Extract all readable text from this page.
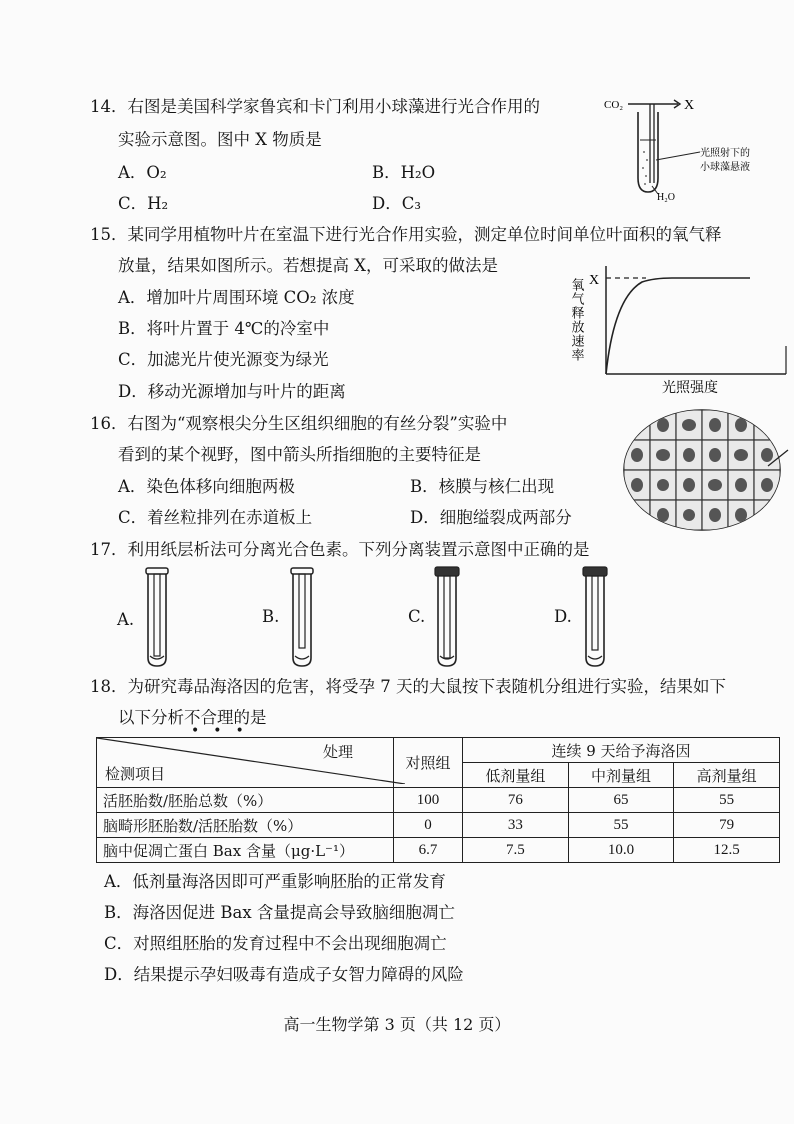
14．右图是美国科学家鲁宾和卡门利用小球藻进行光合作用的
实验示意图。图中 X 物质是
A．O₂	B．H₂O
C．H₂	D．C₃
CO₂	X
光照射下的
小球藻悬液
H₂O
15．某同学用植物叶片在室温下进行光合作用实验，测定单位时间单位叶面积的氧气释
放量，结果如图所示。若想提高 X，可采取的做法是
A．增加叶片周围环境 CO₂ 浓度
B．将叶片置于 4℃的冷室中
C．加滤光片使光源变为绿光
D．移动光源增加与叶片的距离
氧气释放速率 X
光照强度
16．右图为“观察根尖分生区组织细胞的有丝分裂”实验中
看到的某个视野，图中箭头所指细胞的主要特征是
A．染色体移向细胞两极	B．核膜与核仁出现
C．着丝粒排列在赤道板上	D．细胞缢裂成两部分
17．利用纸层析法可分离光合色素。下列分离装置示意图中正确的是
A.	B.	C.	D.
18．为研究毒品海洛因的危害，将受孕 7 天的大鼠按下表随机分组进行实验，结果如下
以下分析不合理的是
•••
处理
检测项目	对照组	连续 9 天给予海洛因		
		低剂量组	中剂量组	高剂量组
活胚胎数/胚胎总数（%）	100	76	65	55
脑畸形胚胎数/活胚胎数（%）	0	33	55	79
脑中促凋亡蛋白 Bax 含量（μg·L⁻¹）	6.7	7.5	10.0	12.5
A．低剂量海洛因即可严重影响胚胎的正常发育
B．海洛因促进 Bax 含量提高会导致脑细胞凋亡
C．对照组胚胎的发育过程中不会出现细胞凋亡
D．结果提示孕妇吸毒有造成子女智力障碍的风险
高一生物学第 3 页（共 12 页）
